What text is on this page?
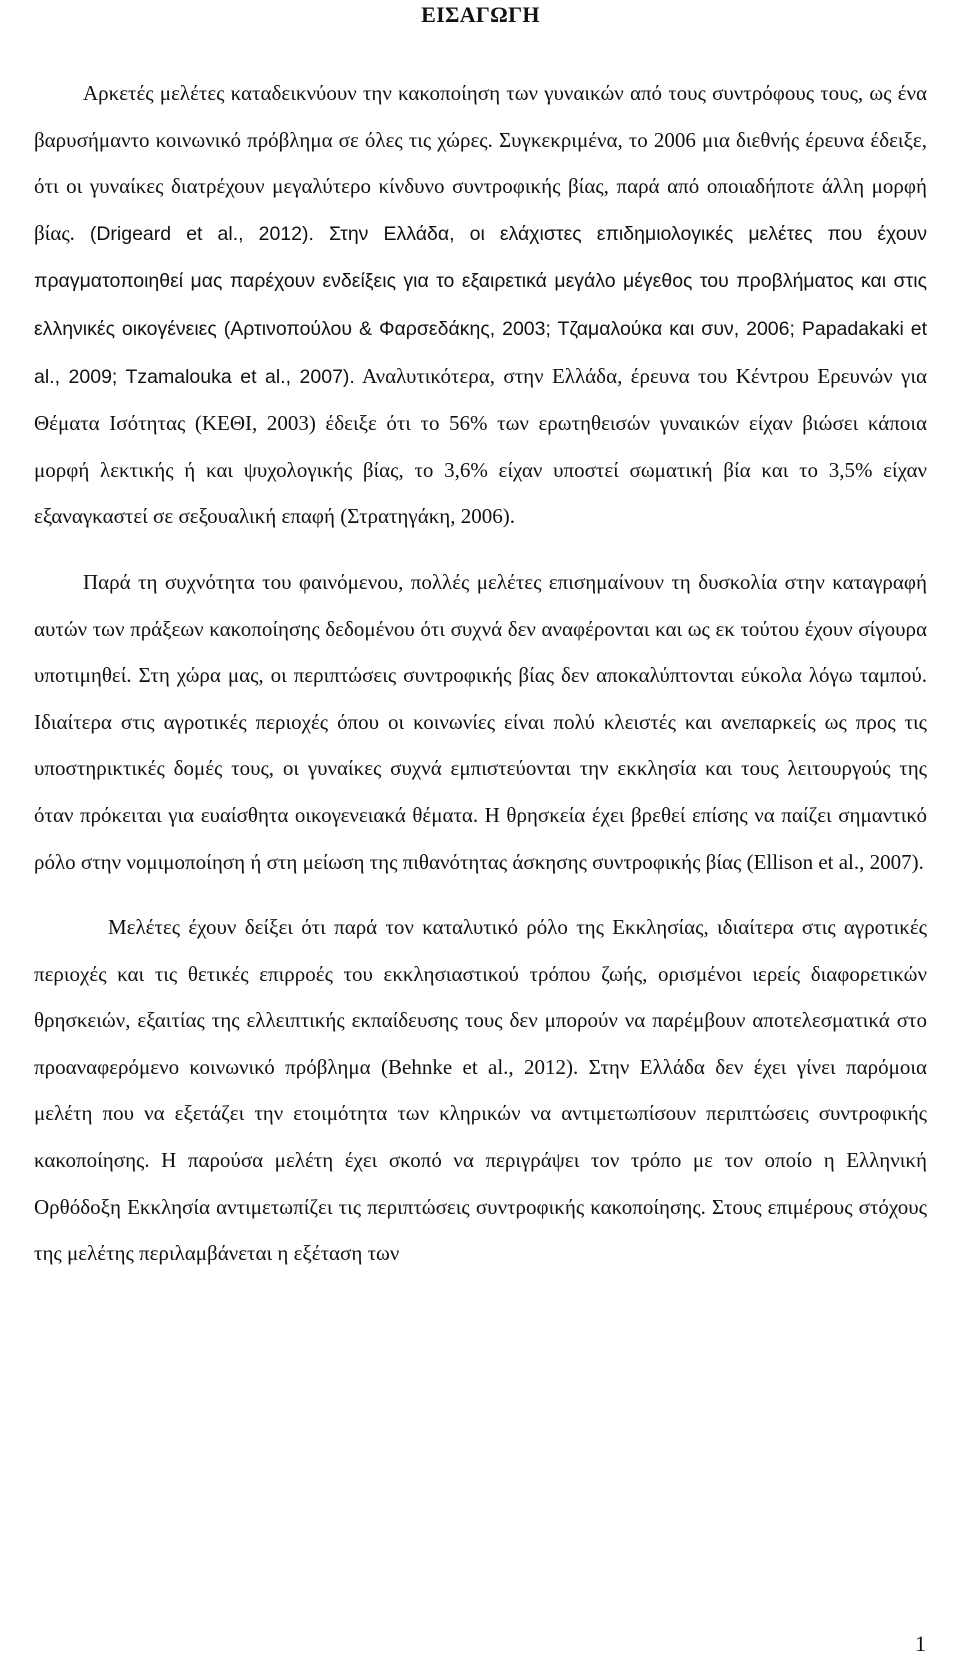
ΕΙΣΑΓΩΓΗ

Αρκετές μελέτες καταδεικνύουν την κακοποίηση των γυναικών από τους συντρόφους τους, ως ένα βαρυσήμαντο κοινωνικό πρόβλημα σε όλες τις χώρες. Συγκεκριμένα, το 2006 μια διεθνής έρευνα έδειξε, ότι οι γυναίκες διατρέχουν μεγαλύτερο κίνδυνο συντροφικής βίας, παρά από οποιαδήποτε άλλη μορφή βίας. (Drigeard et al., 2012). Στην Ελλάδα, οι ελάχιστες επιδημιολογικές μελέτες που έχουν πραγματοποιηθεί μας παρέχουν ενδείξεις για το εξαιρετικά μεγάλο μέγεθος του προβλήματος και στις ελληνικές οικογένειες (Αρτινοπούλου & Φαρσεδάκης, 2003; Τζαμαλούκα και συν, 2006; Papadakaki et al., 2009; Tzamalouka et al., 2007). Αναλυτικότερα, στην Ελλάδα, έρευνα του Κέντρου Ερευνών για Θέματα Ισότητας (ΚΕΘΙ, 2003) έδειξε ότι το 56% των ερωτηθεισών γυναικών είχαν βιώσει κάποια μορφή λεκτικής ή και ψυχολογικής βίας, το 3,6% είχαν υποστεί σωματική βία και το 3,5% είχαν εξαναγκαστεί σε σεξουαλική επαφή (Στρατηγάκη, 2006).

Παρά τη συχνότητα του φαινόμενου, πολλές μελέτες επισημαίνουν τη δυσκολία στην καταγραφή αυτών των πράξεων κακοποίησης δεδομένου ότι συχνά δεν αναφέρονται και ως εκ τούτου έχουν σίγουρα υποτιμηθεί. Στη χώρα μας, οι περιπτώσεις συντροφικής βίας δεν αποκαλύπτονται εύκολα λόγω ταμπού. Ιδιαίτερα στις αγροτικές περιοχές όπου οι κοινωνίες είναι πολύ κλειστές και ανεπαρκείς ως προς τις υποστηρικτικές δομές τους, οι γυναίκες συχνά εμπιστεύονται την εκκλησία και τους λειτουργούς της όταν πρόκειται για ευαίσθητα οικογενειακά θέματα. Η θρησκεία έχει βρεθεί επίσης να παίζει σημαντικό ρόλο στην νομιμοποίηση ή στη μείωση της πιθανότητας άσκησης συντροφικής βίας (Ellison et al., 2007).

Μελέτες έχουν δείξει ότι παρά τον καταλυτικό ρόλο της Εκκλησίας, ιδιαίτερα στις αγροτικές περιοχές και τις θετικές επιρροές του εκκλησιαστικού τρόπου ζωής, ορισμένοι ιερείς διαφορετικών θρησκειών, εξαιτίας της ελλειπτικής εκπαίδευσης τους δεν μπορούν να παρέμβουν αποτελεσματικά στο προαναφερόμενο κοινωνικό πρόβλημα (Behnke et al., 2012). Στην Ελλάδα δεν έχει γίνει παρόμοια μελέτη που να εξετάζει την ετοιμότητα των κληρικών να αντιμετωπίσουν περιπτώσεις συντροφικής κακοποίησης. Η παρούσα μελέτη έχει σκοπό να περιγράψει τον τρόπο με τον οποίο η Ελληνική Ορθόδοξη Εκκλησία αντιμετωπίζει τις περιπτώσεις συντροφικής κακοποίησης. Στους επιμέρους στόχους της μελέτης περιλαμβάνεται η εξέταση των

1
